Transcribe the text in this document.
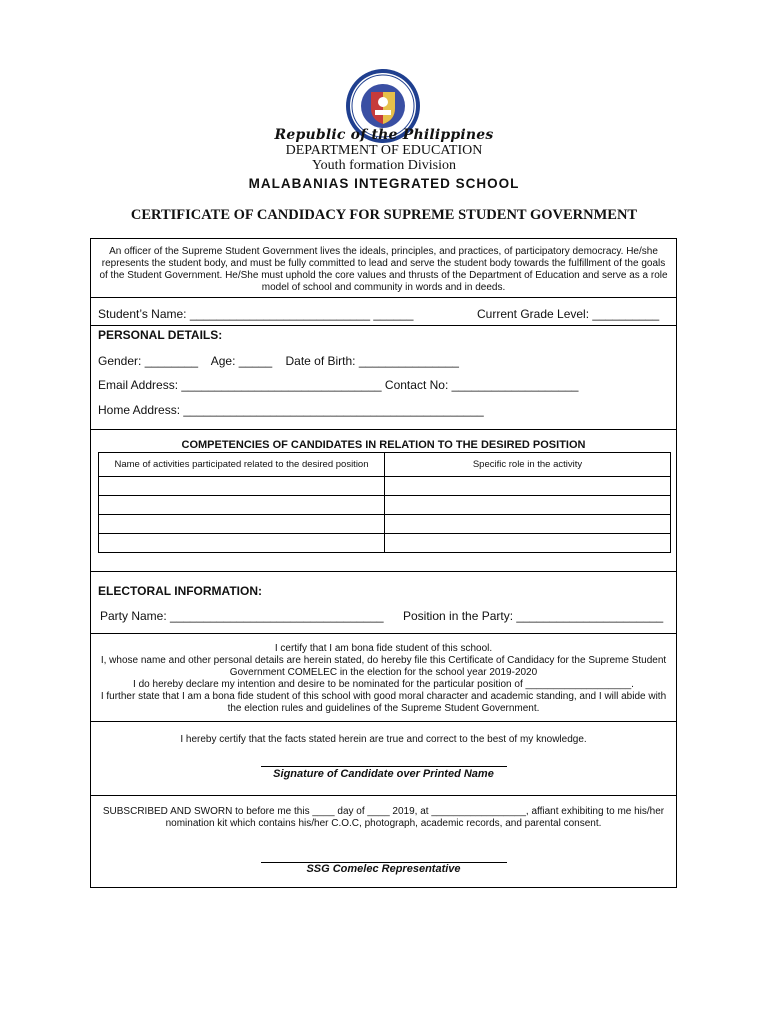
Republic of the Philippines
DEPARTMENT OF EDUCATION
Youth formation Division
MALABANIAS INTEGRATED SCHOOL
CERTIFICATE OF CANDIDACY FOR SUPREME STUDENT GOVERNMENT
An officer of the Supreme Student Government lives the ideals, principles, and practices, of participatory democracy. He/she represents the student body, and must be fully committed to lead and serve the student body towards the fulfillment of the goals of the Student Government. He/She must uphold the core values and thrusts of the Department of Education and serve as a role model of school and community in words and in deeds.
Student’s Name: ___________________________ ______	Current Grade Level: __________
PERSONAL DETAILS:
Gender: ________    Age: _____    Date of Birth: _______________
Email Address: ______________________________ Contact No: ___________________
Home Address: _____________________________________________
COMPETENCIES OF CANDIDATES IN RELATION TO THE DESIRED POSITION
Name of activities participated related to the desired position	Specific role in the activity

ELECTORAL INFORMATION:
Party Name: ________________________________ Position in the Party: ______________________
I certify that I am bona fide student of this school.
I, whose name and other personal details are herein stated, do hereby file this Certificate of Candidacy for the Supreme Student Government COMELEC in the election for the school year 2019-2020
I do hereby declare my intention and desire to be nominated for the particular position of ___________________.
I further state that I am a bona fide student of this school with good moral character and academic standing, and I will abide with the election rules and guidelines of the Supreme Student Government.
I hereby certify that the facts stated herein are true and correct to the best of my knowledge.
Signature of Candidate over Printed Name
SUBSCRIBED AND SWORN to before me this ____ day of ____ 2019, at _________________, affiant exhibiting to me his/her nomination kit which contains his/her C.O.C, photograph, academic records, and parental consent.
SSG Comelec Representative
